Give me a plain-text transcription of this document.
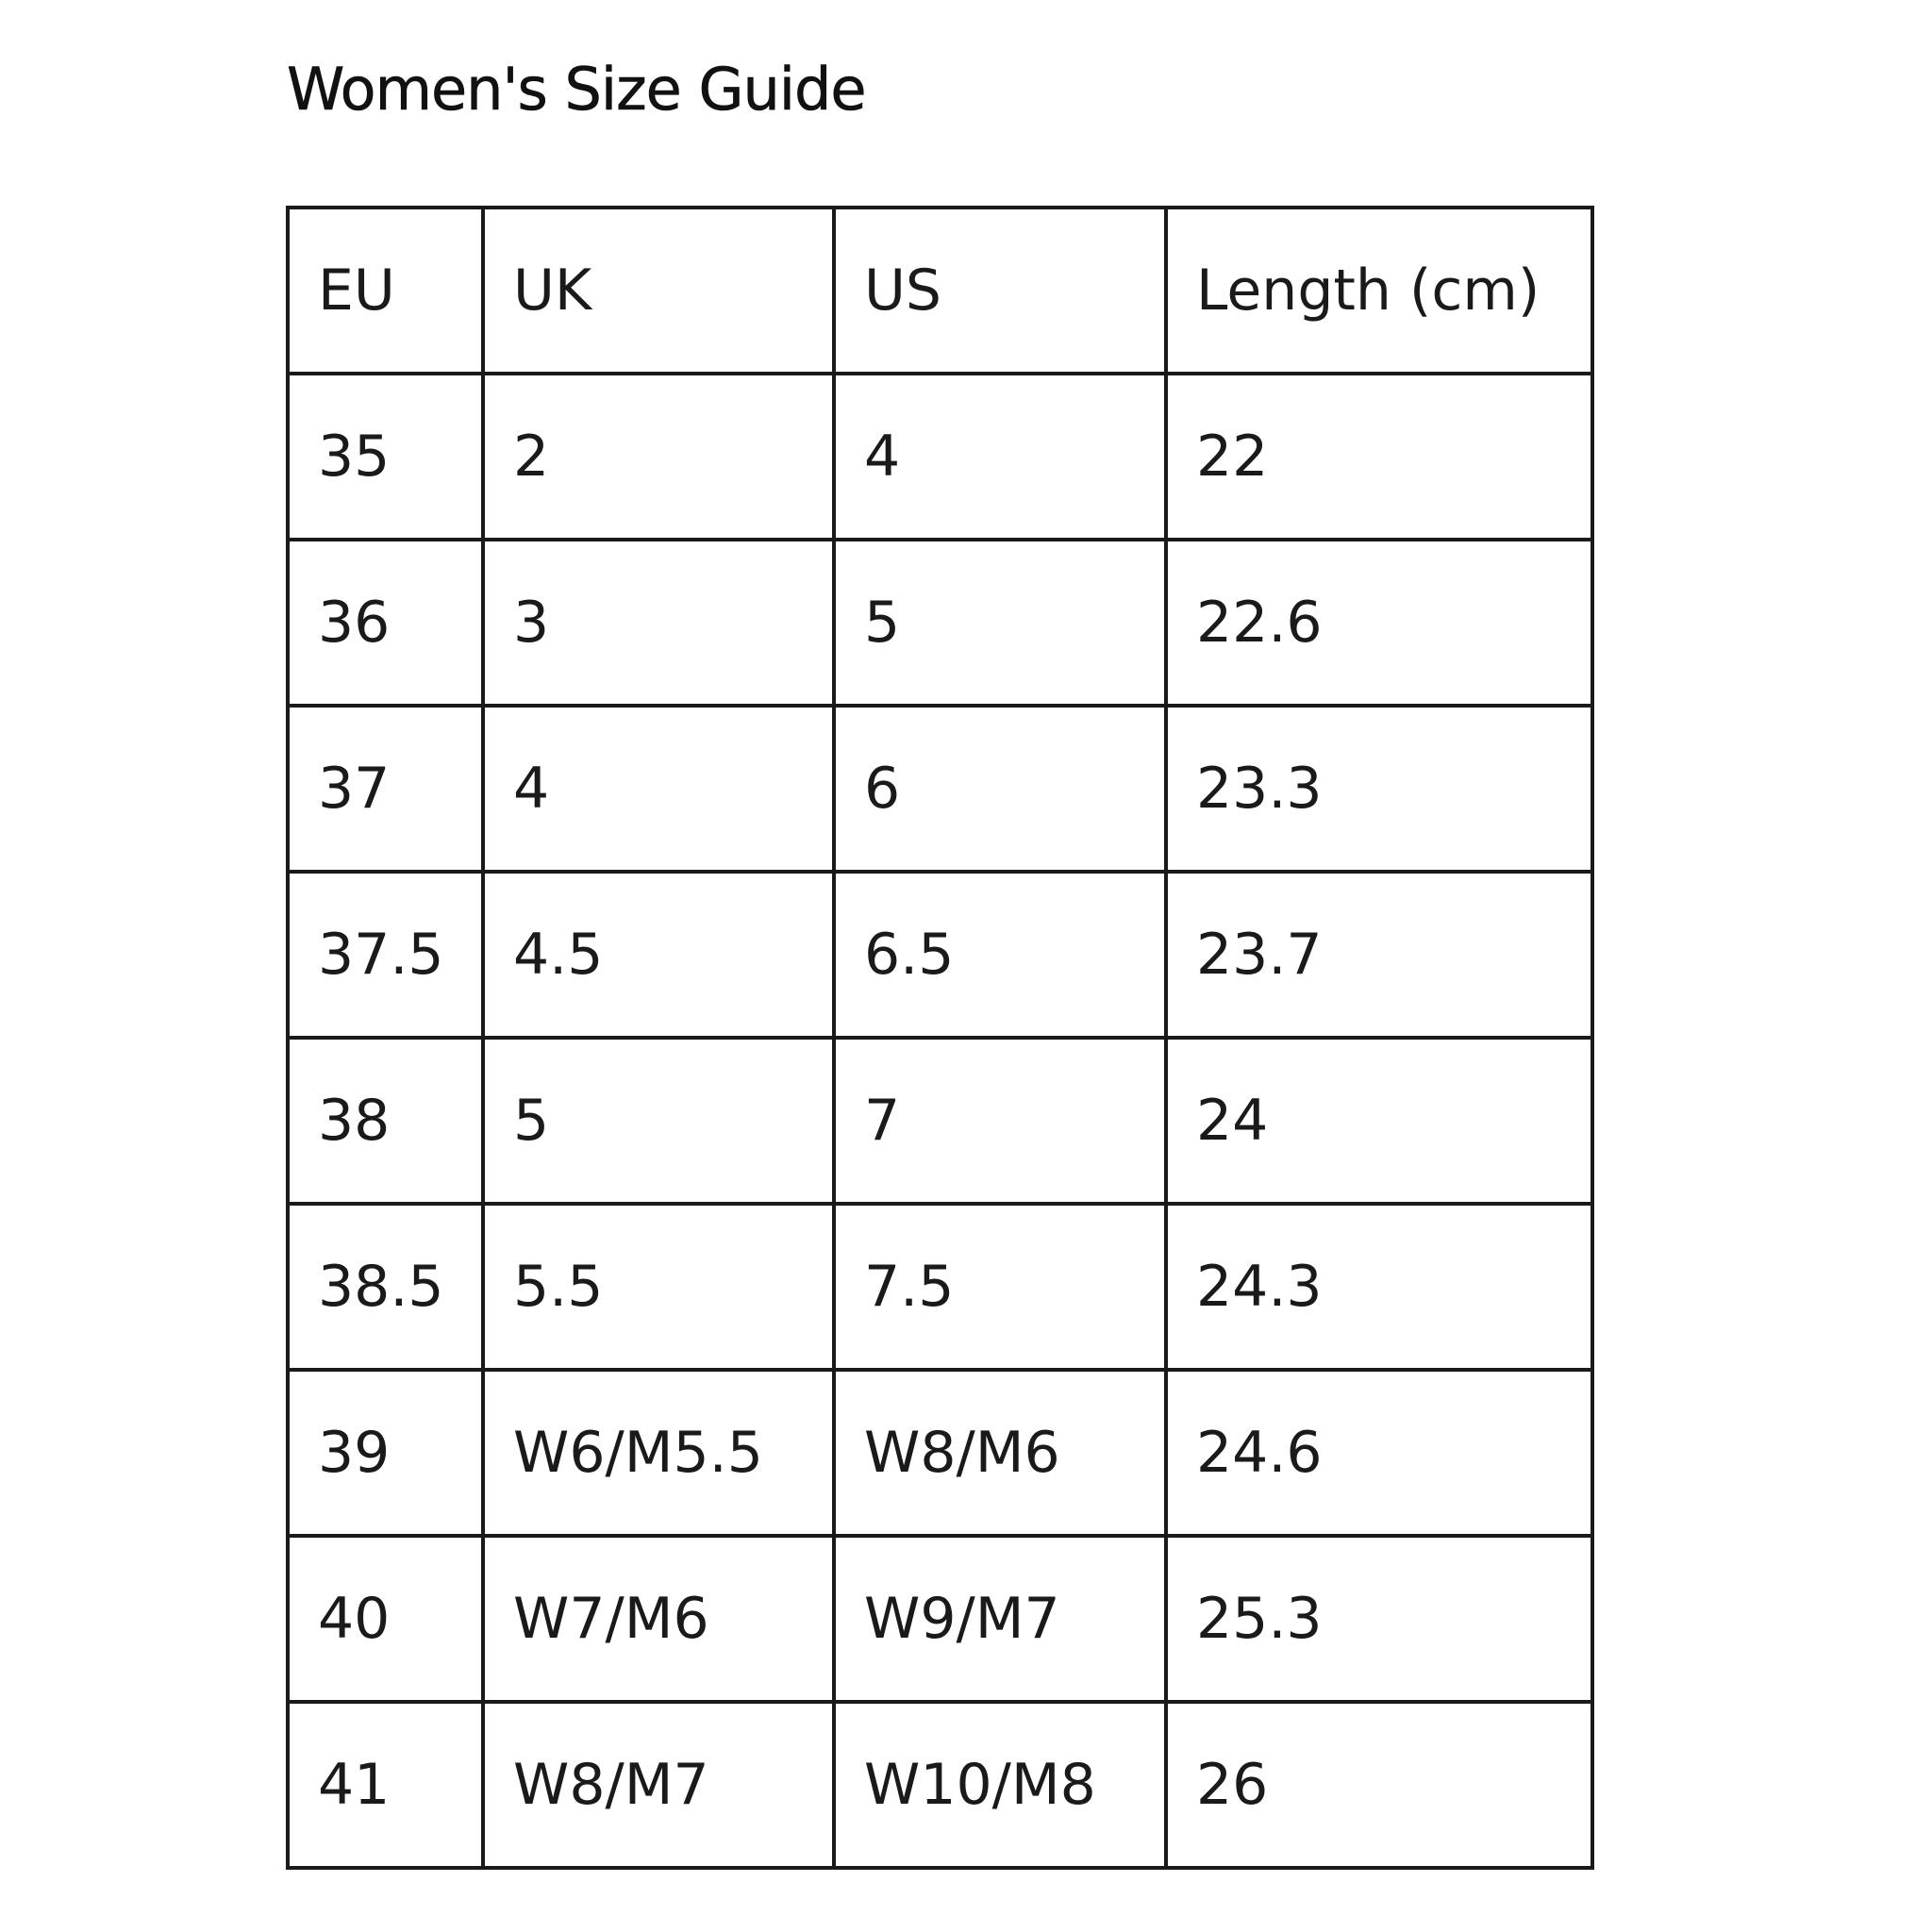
Women's Size Guide
EU	UK	US	Length (cm)
35	2	4	22
36	3	5	22.6
37	4	6	23.3
37.5	4.5	6.5	23.7
38	5	7	24
38.5	5.5	7.5	24.3
39	W6/M5.5	W8/M6	24.6
40	W7/M6	W9/M7	25.3
41	W8/M7	W10/M8	26
